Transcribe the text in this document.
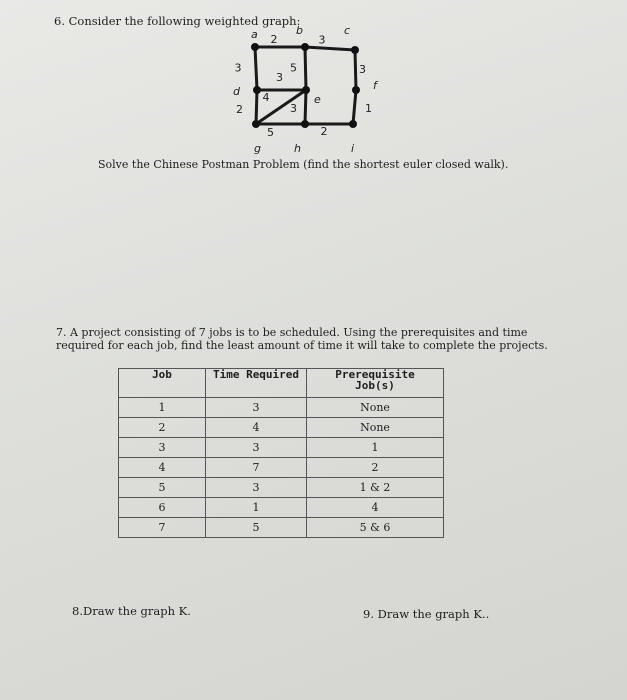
6. Consider the following weighted graph:
2	3
3	5	3
3
2
4
3	1
5	2
a	b	c
d
e
f
g	h	i
Solve the Chinese Postman Problem (find the shortest euler closed walk).
7. A project consisting of 7 jobs is to be scheduled. Using the prerequisites and time required for each job, find the least amount of time it will take to complete the projects.
Job	Time Required	Prerequisite
Job(s)
1	3	None
2	4	None
3	3	1
4	7	2
5	3	1 & 2
6	1	4
7	5	5 & 6
8.Draw the graph K.	9. Draw the graph K..
